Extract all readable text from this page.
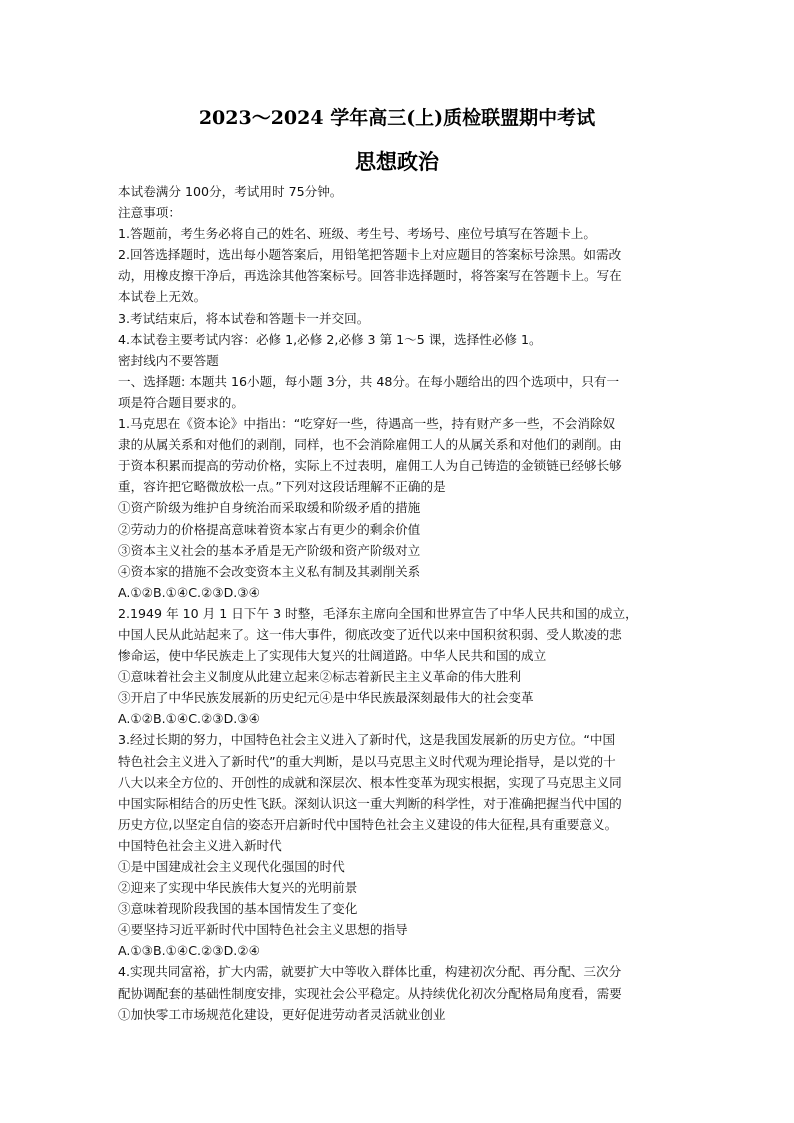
2023～2024 学年高三(上)质检联盟期中考试
思想政治

本试卷满分 100分，考试用时 75分钟。

注意事项：

1.答题前，考生务必将自己的姓名、班级、考生号、考场号、座位号填写在答题卡上。

2.回答选择题时，选出每小题答案后，用铅笔把答题卡上对应题目的答案标号涂黑。如需改

动，用橡皮擦干净后，再选涂其他答案标号。回答非选择题时，将答案写在答题卡上。写在

本试卷上无效。

3.考试结束后，将本试卷和答题卡一并交回。

4.本试卷主要考试内容：必修 1,必修 2,必修 3 第 1～5 课，选择性必修 1。

密封线内不要答题

一、选择题: 本题共 16小题，每小题 3分，共 48分。在每小题给出的四个选项中，只有一

项是符合题目要求的。

1.马克思在《资本论》中指出：“吃穿好一些，待遇高一些，持有财产多一些，不会消除奴

隶的从属关系和对他们的剥削，同样，也不会消除雇佣工人的从属关系和对他们的剥削。由

于资本积累而提高的劳动价格，实际上不过表明，雇佣工人为自己铸造的金锁链已经够长够

重，容许把它略微放松一点。”下列对这段话理解不正确的是

①资产阶级为维护自身统治而采取缓和阶级矛盾的措施

②劳动力的价格提高意味着资本家占有更少的剩余价值

③资本主义社会的基本矛盾是无产阶级和资产阶级对立

④资本家的措施不会改变资本主义私有制及其剥削关系

A.①②B.①④C.②③D.③④

2.1949 年 10 月 1 日下午 3 时整，毛泽东主席向全国和世界宣告了中华人民共和国的成立，

中国人民从此站起来了。这一伟大事件，彻底改变了近代以来中国积贫积弱、受人欺凌的悲

惨命运，使中华民族走上了实现伟大复兴的壮阔道路。中华人民共和国的成立

①意味着社会主义制度从此建立起来②标志着新民主主义革命的伟大胜利

③开启了中华民族发展新的历史纪元④是中华民族最深刻最伟大的社会变革

A.①②B.①④C.②③D.③④

3.经过长期的努力，中国特色社会主义进入了新时代，这是我国发展新的历史方位。“中国

特色社会主义进入了新时代”的重大判断，是以马克思主义时代观为理论指导，是以党的十

八大以来全方位的、开创性的成就和深层次、根本性变革为现实根据，实现了马克思主义同

中国实际相结合的历史性飞跃。深刻认识这一重大判断的科学性，对于准确把握当代中国的

历史方位,以坚定自信的姿态开启新时代中国特色社会主义建设的伟大征程,具有重要意义。

中国特色社会主义进入新时代

①是中国建成社会主义现代化强国的时代

②迎来了实现中华民族伟大复兴的光明前景

③意味着现阶段我国的基本国情发生了变化

④要坚持习近平新时代中国特色社会主义思想的指导

A.①③B.①④C.②③D.②④

4.实现共同富裕，扩大内需，就要扩大中等收入群体比重，构建初次分配、再分配、三次分

配协调配套的基础性制度安排，实现社会公平稳定。从持续优化初次分配格局角度看，需要

①加快零工市场规范化建设，更好促进劳动者灵活就业创业
